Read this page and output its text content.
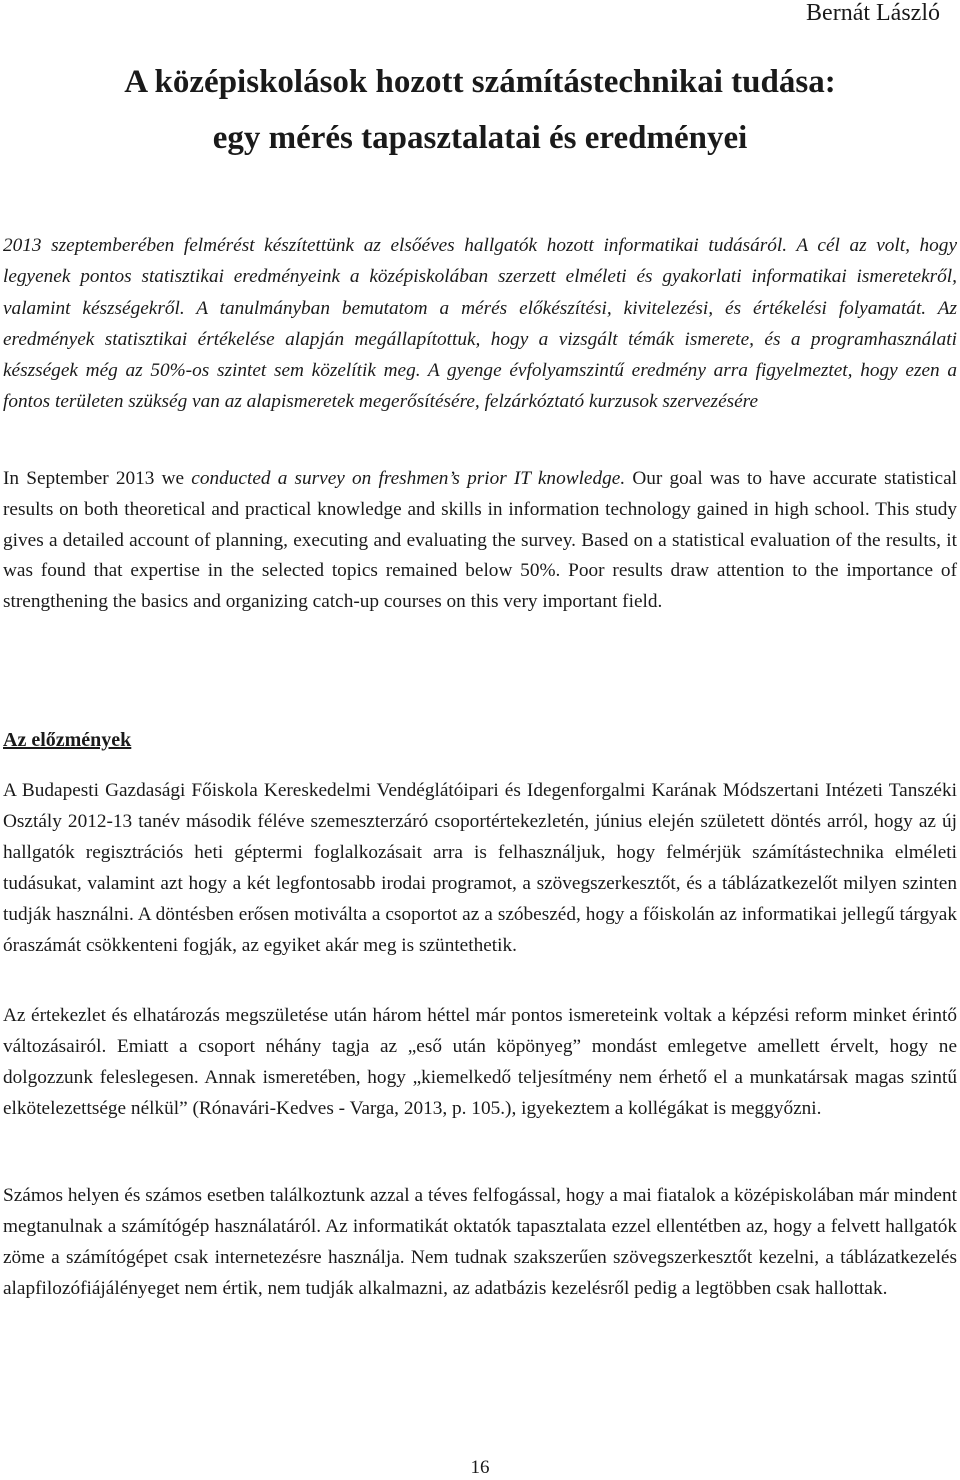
Bernát László
A középiskolások hozott számítástechnikai tudása:
egy mérés tapasztalatai és eredményei

2013 szeptemberében felmérést készítettünk az elsőéves hallgatók hozott informatikai tudásáról. A cél az volt, hogy legyenek pontos statisztikai eredményeink a középiskolában szerzett elméleti és gyakorlati informatikai ismeretekről, valamint készségekről. A tanulmányban bemutatom a mérés előkészítési, kivitelezési, és értékelési folyamatát. Az eredmények statisztikai értékelése alapján megállapítottuk, hogy a vizsgált témák ismerete, és a programhasználati készségek még az 50%-os szintet sem közelítik meg. A gyenge évfolyamszintű eredmény arra figyelmeztet, hogy ezen a fontos területen szükség van az alapismeretek megerősítésére, felzárkóztató kurzusok szervezésére

In September 2013 we conducted a survey on freshmen’s prior IT knowledge. Our goal was to have accurate statistical results on both theoretical and practical knowledge and skills in information technology gained in high school. This study gives a detailed account of planning, executing and evaluating the survey. Based on a statistical evaluation of the results, it was found that expertise in the selected topics remained below 50%. Poor results draw attention to the importance of strengthening the basics and organizing catch-up courses on this very important field.

Az előzmények

A Budapesti Gazdasági Főiskola Kereskedelmi Vendéglátóipari és Idegenforgalmi Karának Módszertani Intézeti Tanszéki Osztály 2012-13 tanév második féléve szemeszterzáró csoportértekezletén, június elején született döntés arról, hogy az új hallgatók regisztrációs heti géptermi foglalkozásait arra is felhasználjuk, hogy felmérjük számítástechnika elméleti tudásukat, valamint azt hogy a két legfontosabb irodai programot, a szövegszerkesztőt, és a táblázatkezelőt milyen szinten tudják használni. A döntésben erősen motiválta a csoportot az a szóbeszéd, hogy a főiskolán az informatikai jellegű tárgyak óraszámát csökkenteni fogják, az egyiket akár meg is szüntethetik.

Az értekezlet és elhatározás megszületése után három héttel már pontos ismereteink voltak a képzési reform minket érintő változásairól. Emiatt a csoport néhány tagja az „eső után köpönyeg” mondást emlegetve amellett érvelt, hogy ne dolgozzunk feleslegesen. Annak ismeretében, hogy „kiemelkedő teljesítmény nem érhető el a munkatársak magas szintű elkötelezettsége nélkül” (Rónavári-Kedves - Varga, 2013, p. 105.), igyekeztem a kollégákat is meggyőzni.

Számos helyen és számos esetben találkoztunk azzal a téves felfogással, hogy a mai fiatalok a középiskolában már mindent megtanulnak a számítógép használatáról. Az informatikát oktatók tapasztalata ezzel ellentétben az, hogy a felvett hallgatók zöme a számítógépet csak internetezésre használja. Nem tudnak szakszerűen szövegszerkesztőt kezelni, a táblázatkezelés alapfilozófiájálényeget nem értik, nem tudják alkalmazni, az adatbázis kezelésről pedig a legtöbben csak hallottak.

16
